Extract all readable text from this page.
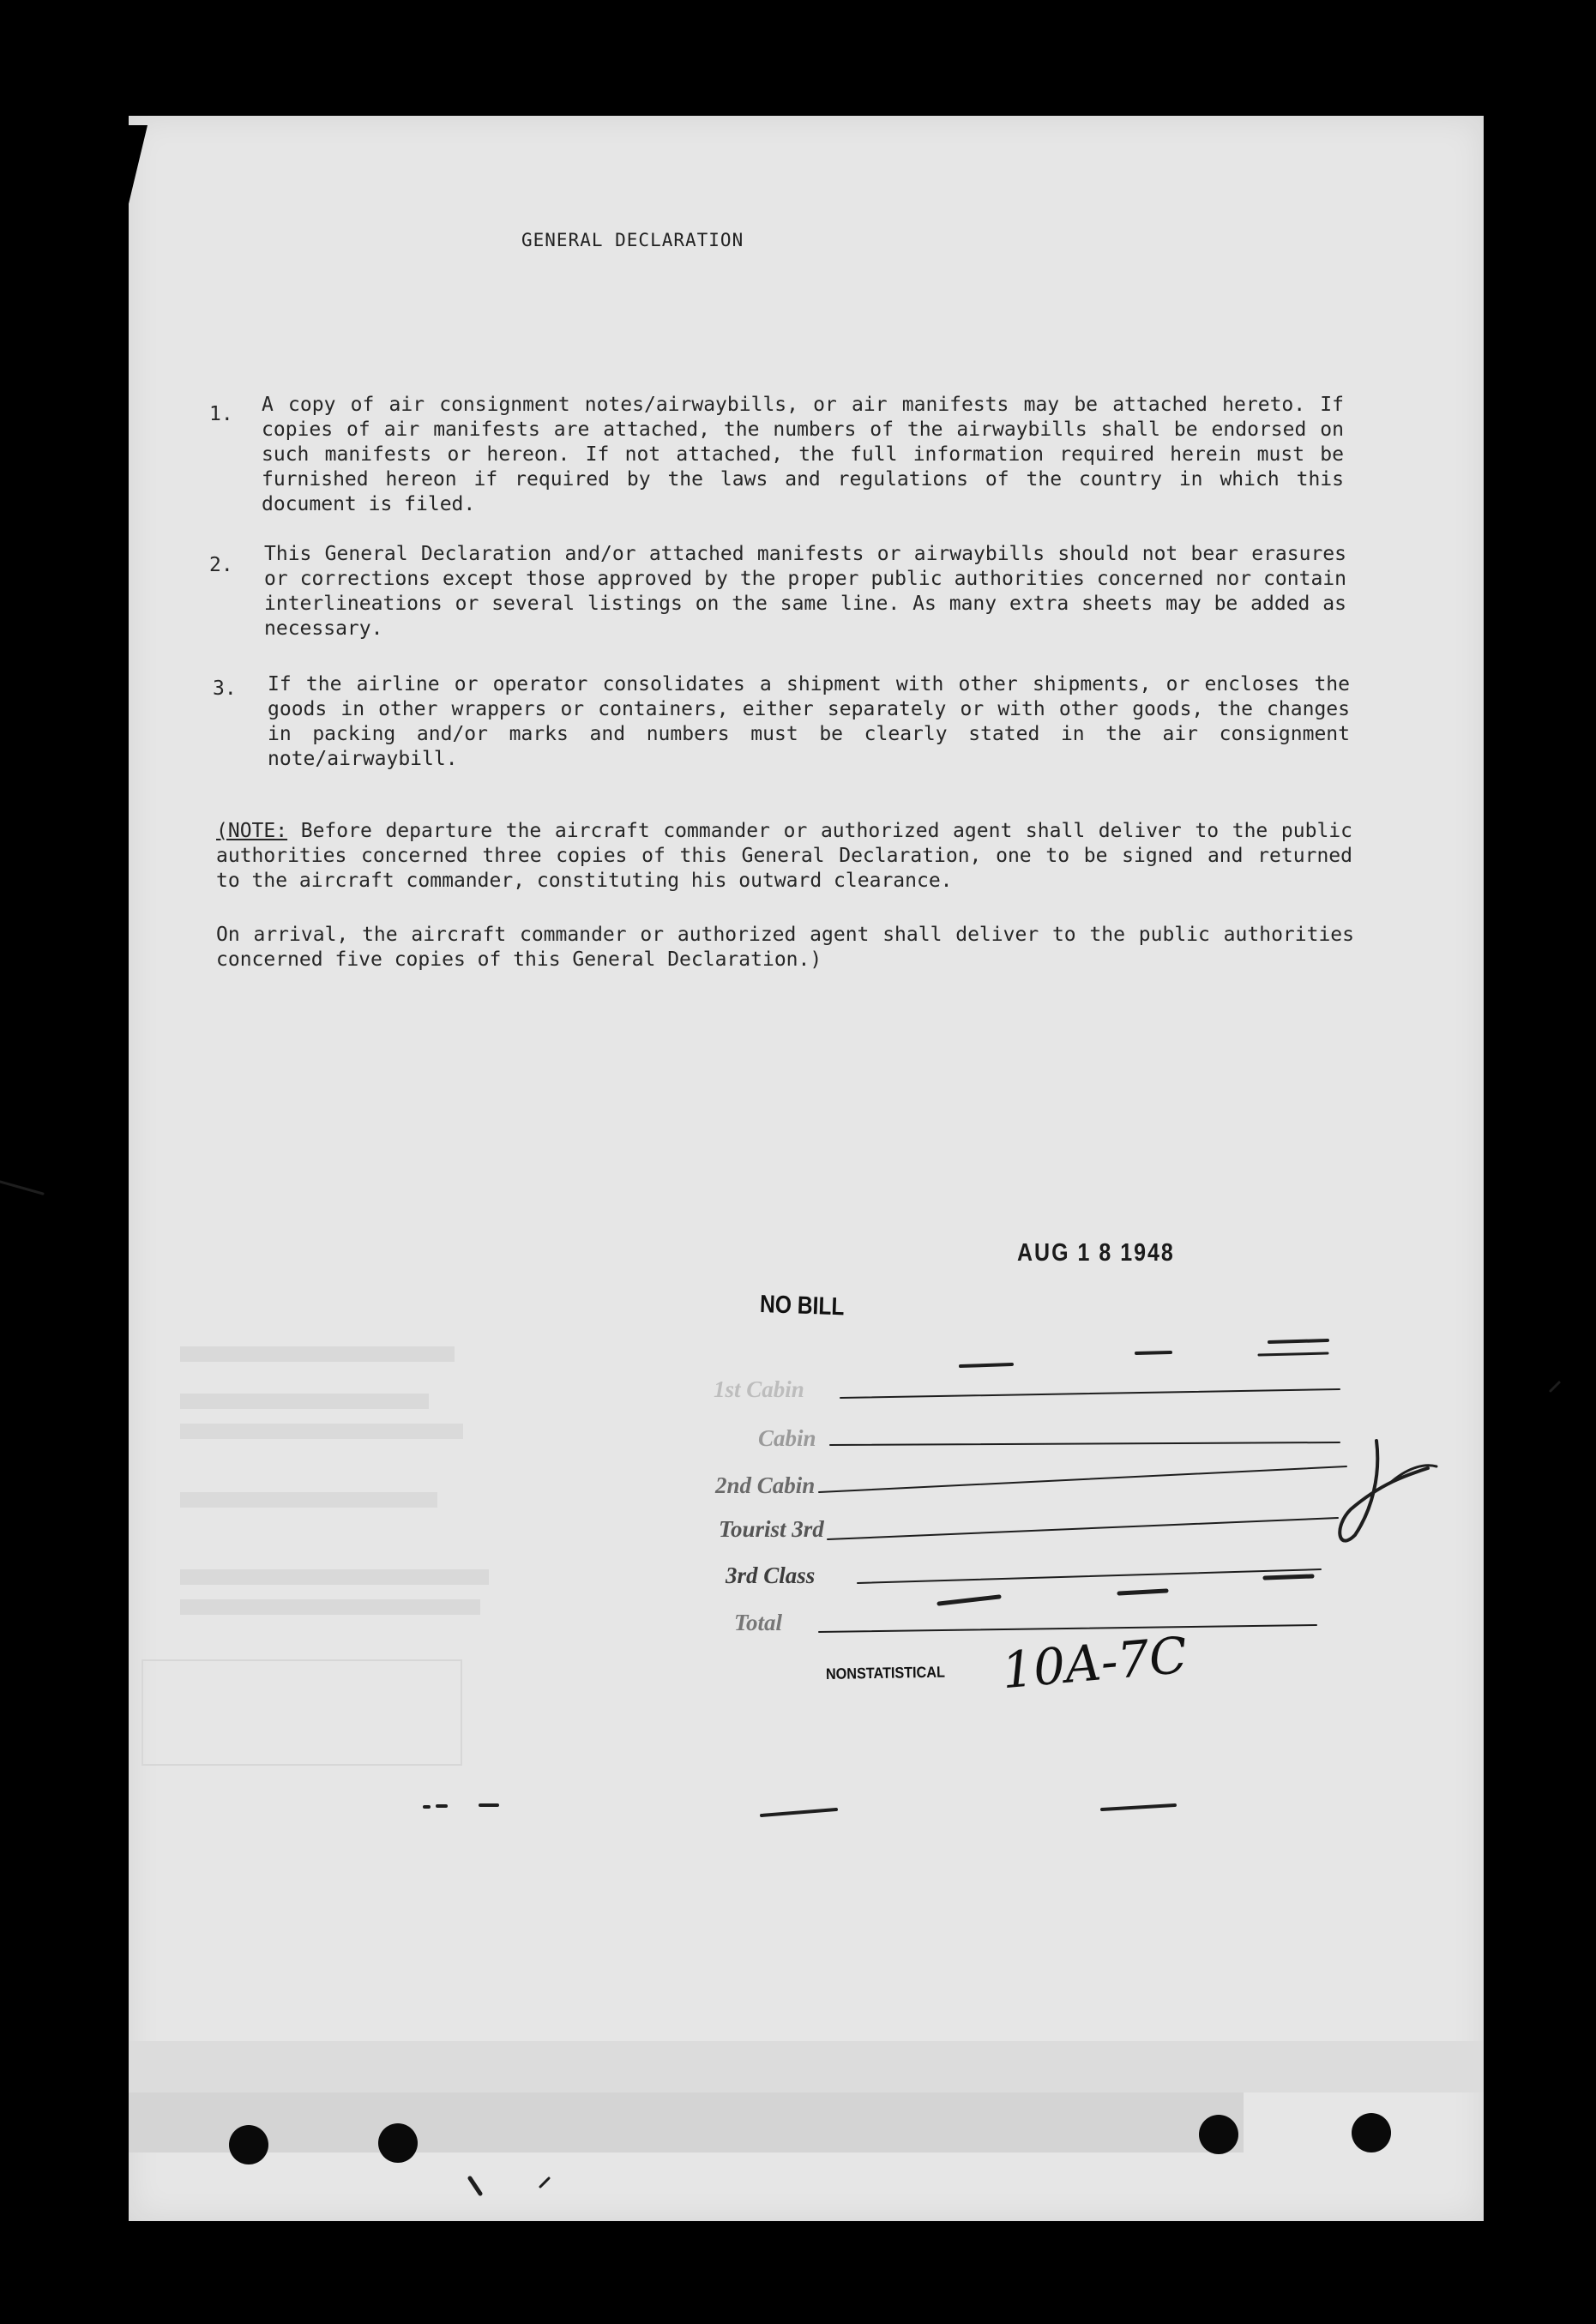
GENERAL DECLARATION
1. A copy of air consignment notes/airwaybills, or air manifests may be attached hereto. If copies of air manifests are attached, the numbers of the airwaybills shall be endorsed on such manifests or hereon. If not attached, the full information required herein must be furnished hereon if required by the laws and regulations of the country in which this document is filed.
2. This General Declaration and/or attached manifests or airwaybills should not bear erasures or corrections except those approved by the proper public authorities concerned nor contain interlineations or several listings on the same line. As many extra sheets may be added as necessary.
3. If the airline or operator consolidates a shipment with other shipments, or encloses the goods in other wrappers or containers, either separately or with other goods, the changes in packing and/or marks and numbers must be clearly stated in the air consignment note/airwaybill.
(NOTE: Before departure the aircraft commander or authorized agent shall deliver to the public authorities concerned three copies of this General Declaration, one to be signed and returned to the aircraft commander, constituting his outward clearance.
On arrival, the aircraft commander or authorized agent shall deliver to the public authorities concerned five copies of this General Declaration.)
AUG 1 8 1948
NO BILL
1st Cabin
Cabin
2nd Cabin
Tourist 3rd
3rd Class
Total
NONSTATISTICAL 10A-7C
